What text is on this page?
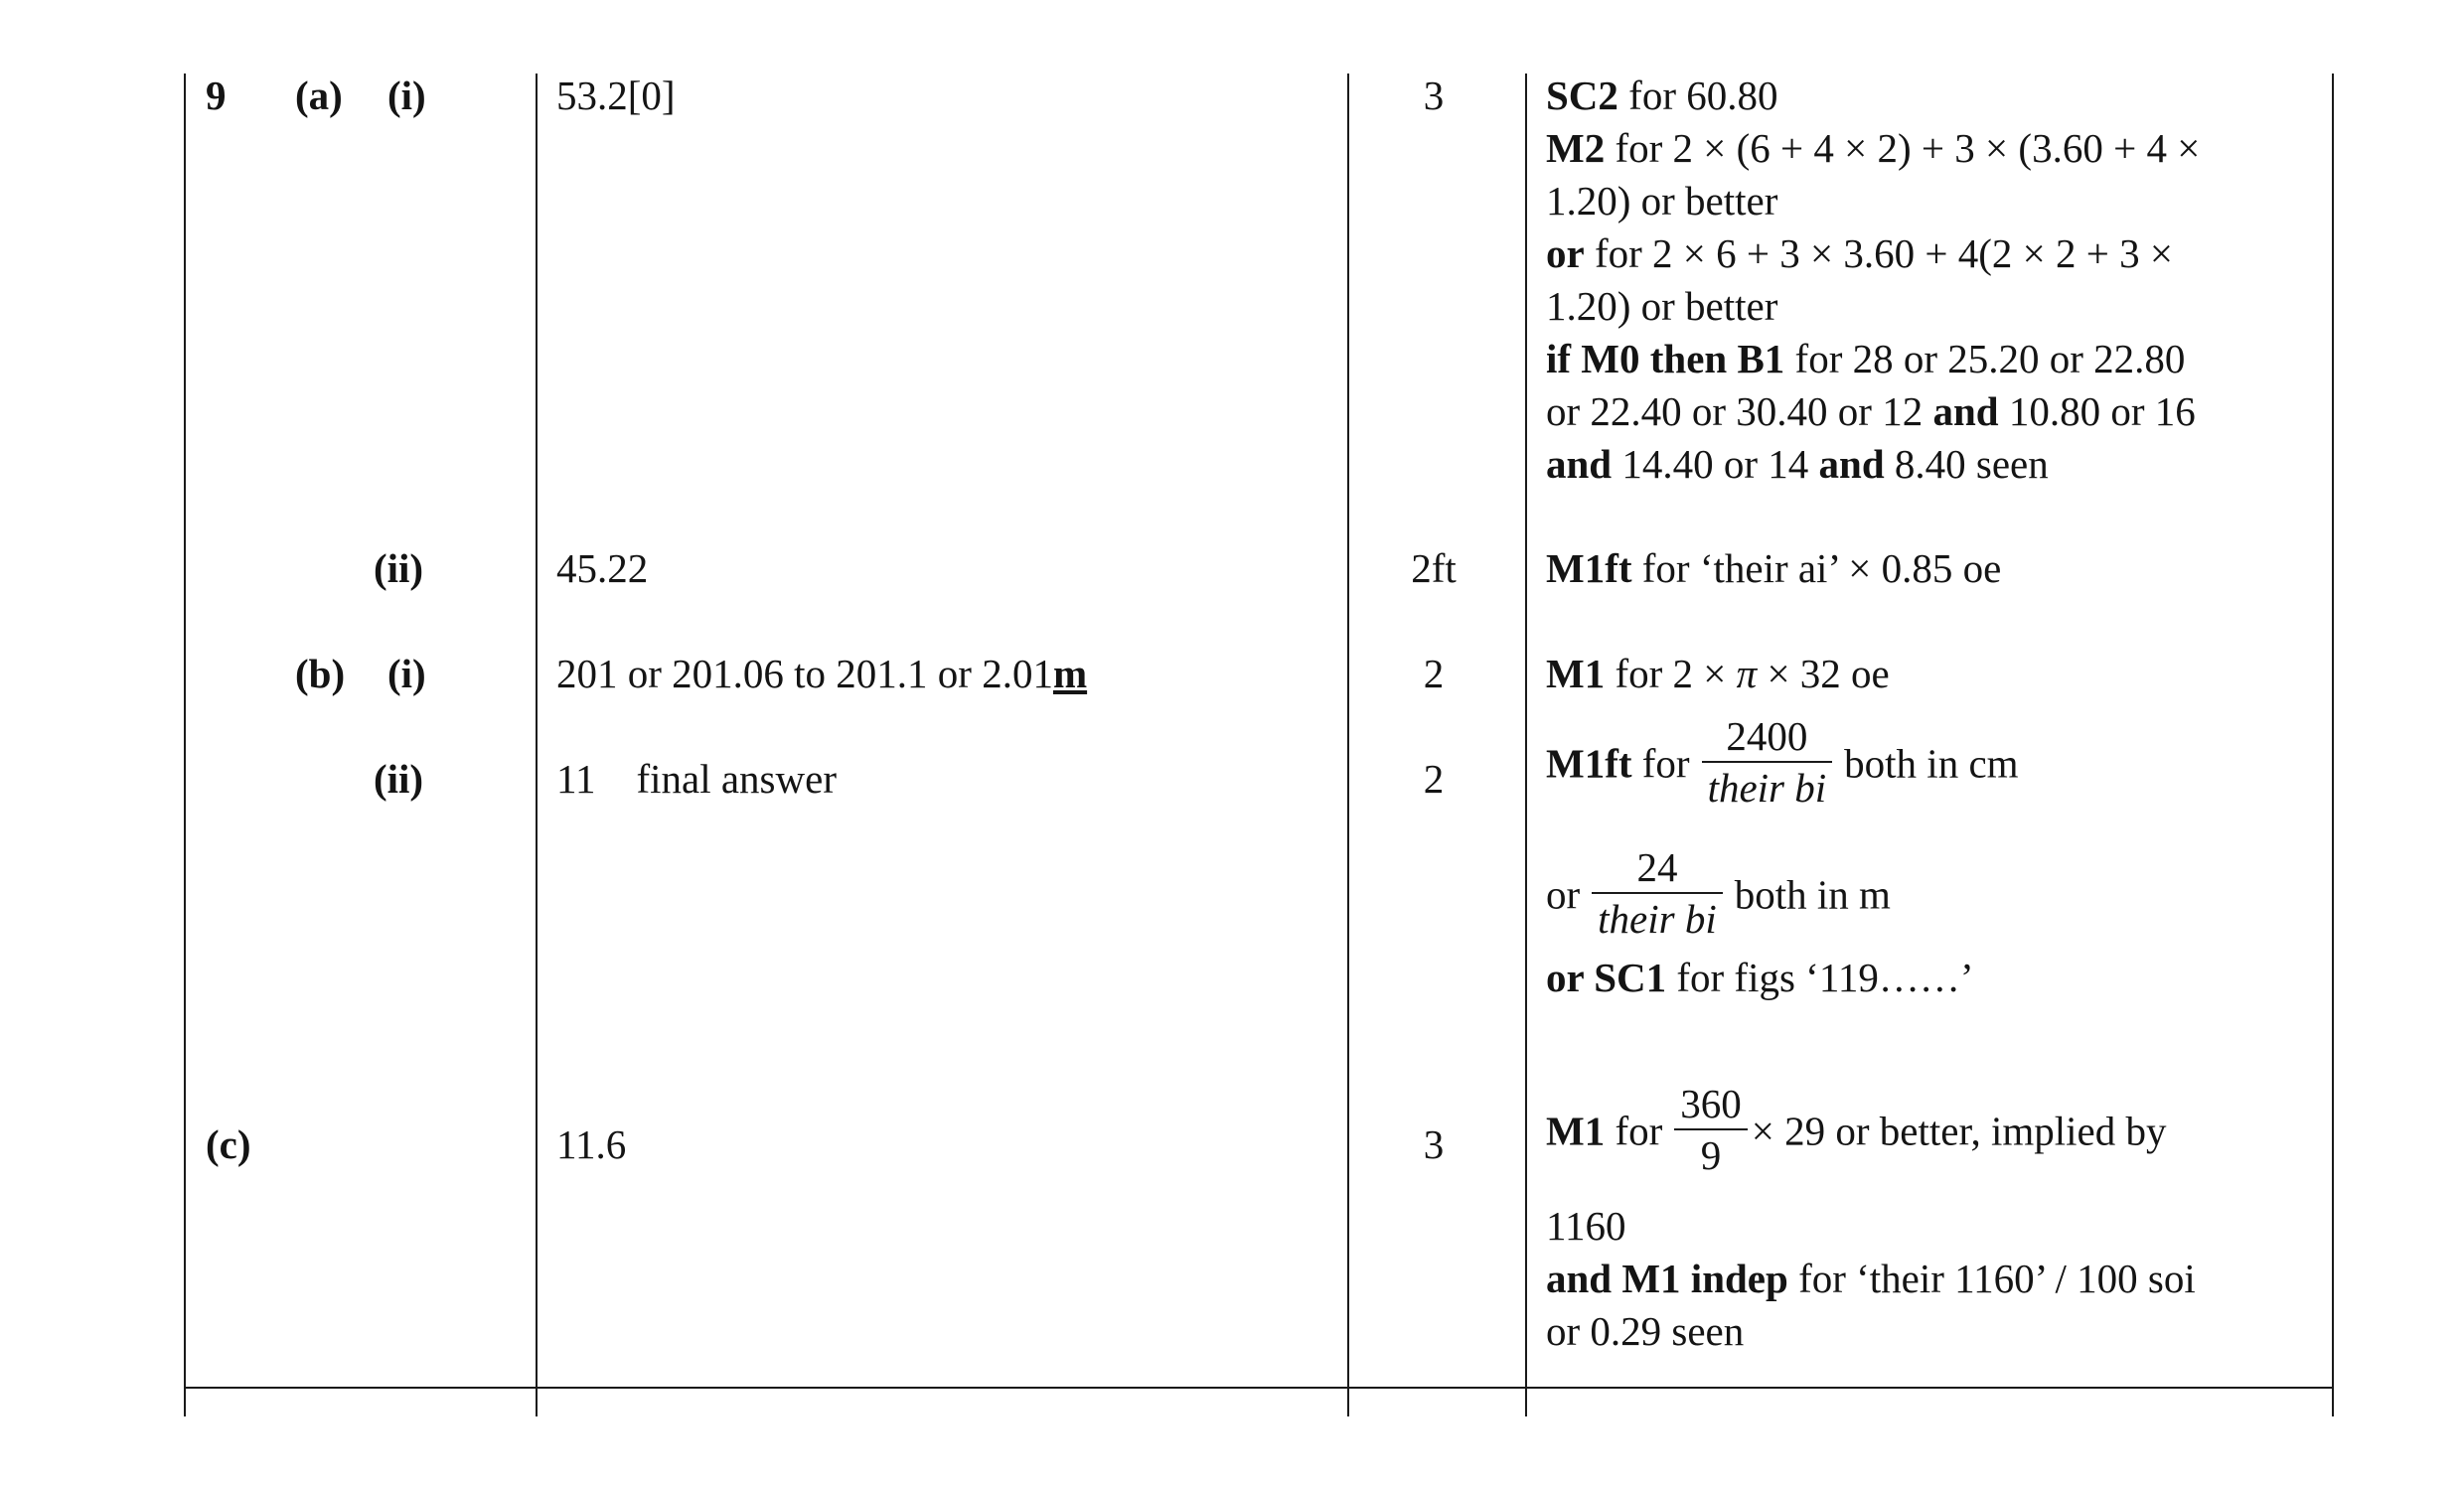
9 (a) (i)	53.2[0]	3	SC2 for 60.80
M2 for 2 × (6 + 4 × 2) + 3 × (3.60 + 4 ×
1.20) or better
or for 2 × 6 + 3 × 3.60 + 4(2 × 2 + 3 ×
1.20) or better
if M0 then B1 for 28 or 25.20 or 22.80
or 22.40 or 30.40 or 12 and 10.80 or 16
and 14.40 or 14 and 8.40 seen
(ii)	45.22	2ft	M1ft for ‘their ai’ × 0.85 oe
(b) (i)	201 or 201.06 to 201.1 or 2.01m	2	M1 for 2 × π × 32 oe
(ii)	11    final answer	2	M1ft for $\frac{2400}{\text{their bi}}$ both in cm
or $\frac{24}{\text{their bi}}$ both in m
or SC1 for figs ‘119……’
(c)	11.6	3	M1 for $\frac{360}{9} \times 29$ or better, implied by
1160
and M1 indep for ‘their 1160’ / 100 soi
or 0.29 seen
